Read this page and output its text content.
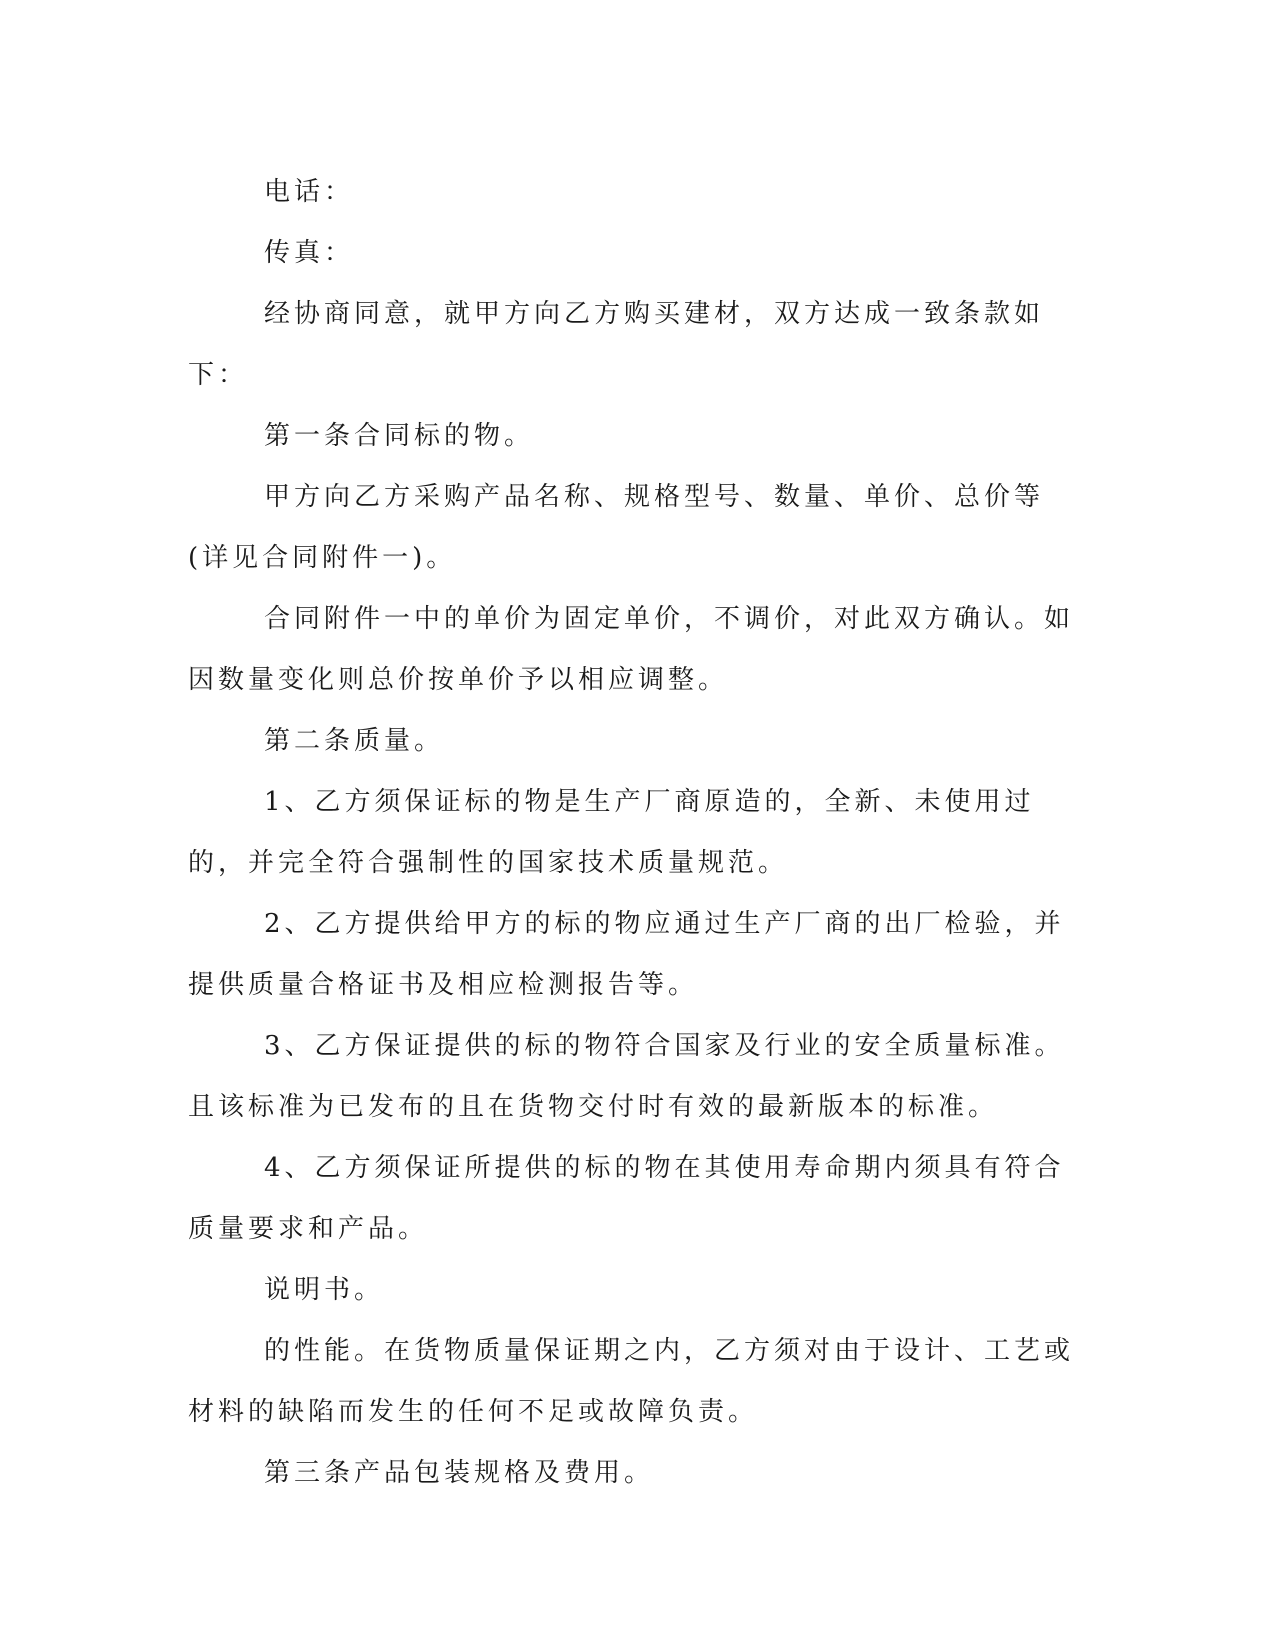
电话：

传真：

经协商同意，就甲方向乙方购买建材，双方达成一致条款如下：

第一条合同标的物。

甲方向乙方采购产品名称、规格型号、数量、单价、总价等(详见合同附件一)。

合同附件一中的单价为固定单价，不调价，对此双方确认。如因数量变化则总价按单价予以相应调整。

第二条质量。

1、乙方须保证标的物是生产厂商原造的，全新、未使用过的，并完全符合强制性的国家技术质量规范。

2、乙方提供给甲方的标的物应通过生产厂商的出厂检验，并提供质量合格证书及相应检测报告等。

3、乙方保证提供的标的物符合国家及行业的安全质量标准。且该标准为已发布的且在货物交付时有效的最新版本的标准。

4、乙方须保证所提供的标的物在其使用寿命期内须具有符合质量要求和产品。

说明书。

的性能。在货物质量保证期之内，乙方须对由于设计、工艺或材料的缺陷而发生的任何不足或故障负责。

第三条产品包装规格及费用。
